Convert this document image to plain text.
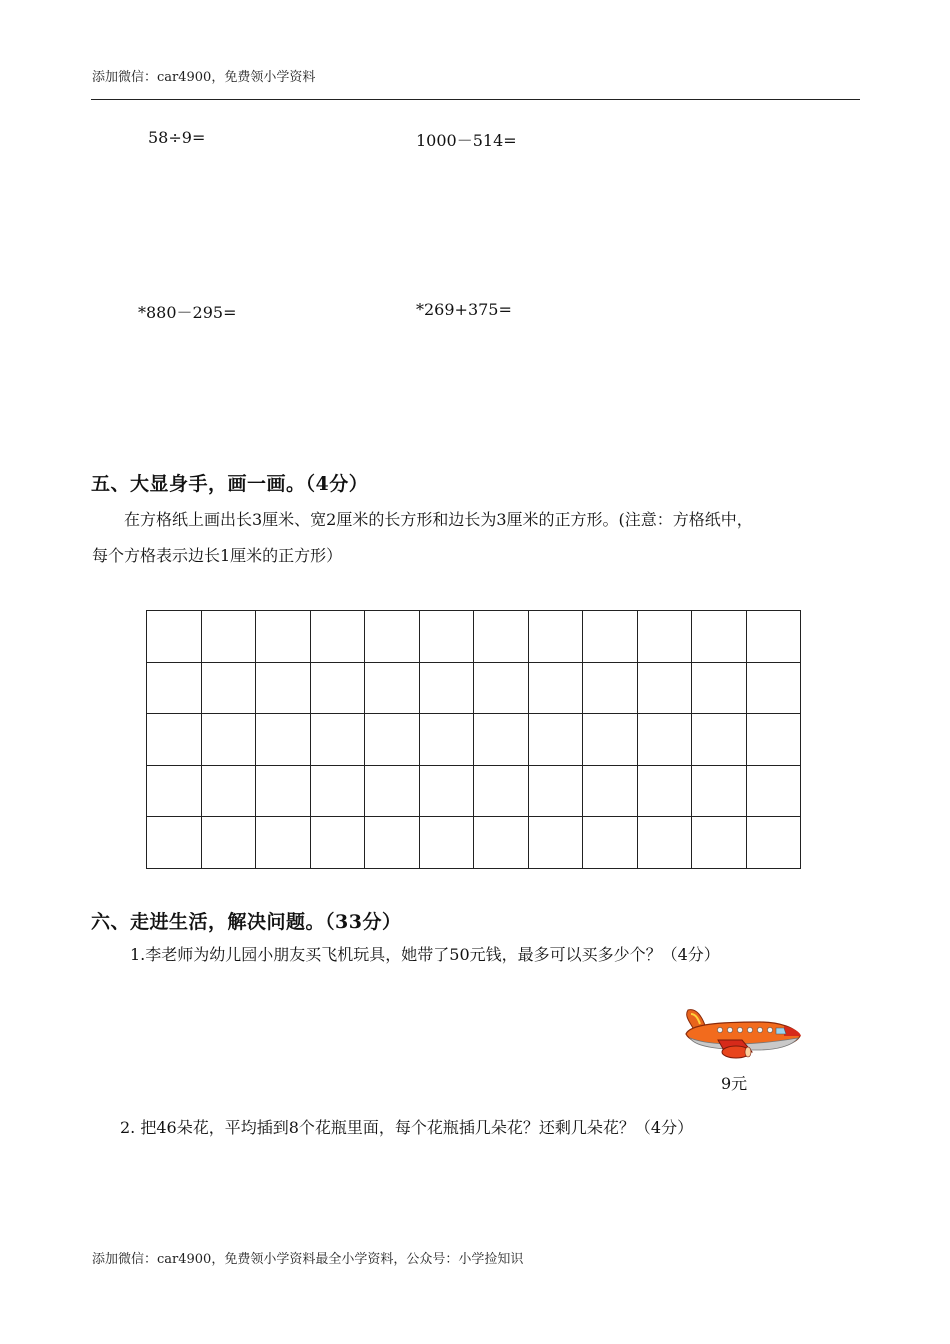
添加微信：car4900，免费领小学资料
58÷9=	1000－514=
*880－295=	*269+375=
五、大显身手，画一画。（4分）
在方格纸上画出长3厘米、宽2厘米的长方形和边长为3厘米的正方形。(注意：方格纸中，
每个方格表示边长1厘米的正方形）

六、走进生活，解决问题。（33分）
1.李老师为幼儿园小朋友买飞机玩具，她带了50元钱，最多可以买多少个？（4分）
9元
2. 把46朵花，平均插到8个花瓶里面，每个花瓶插几朵花？还剩几朵花？（4分）
添加微信：car4900，免费领小学资料最全小学资料，公众号：小学捡知识
